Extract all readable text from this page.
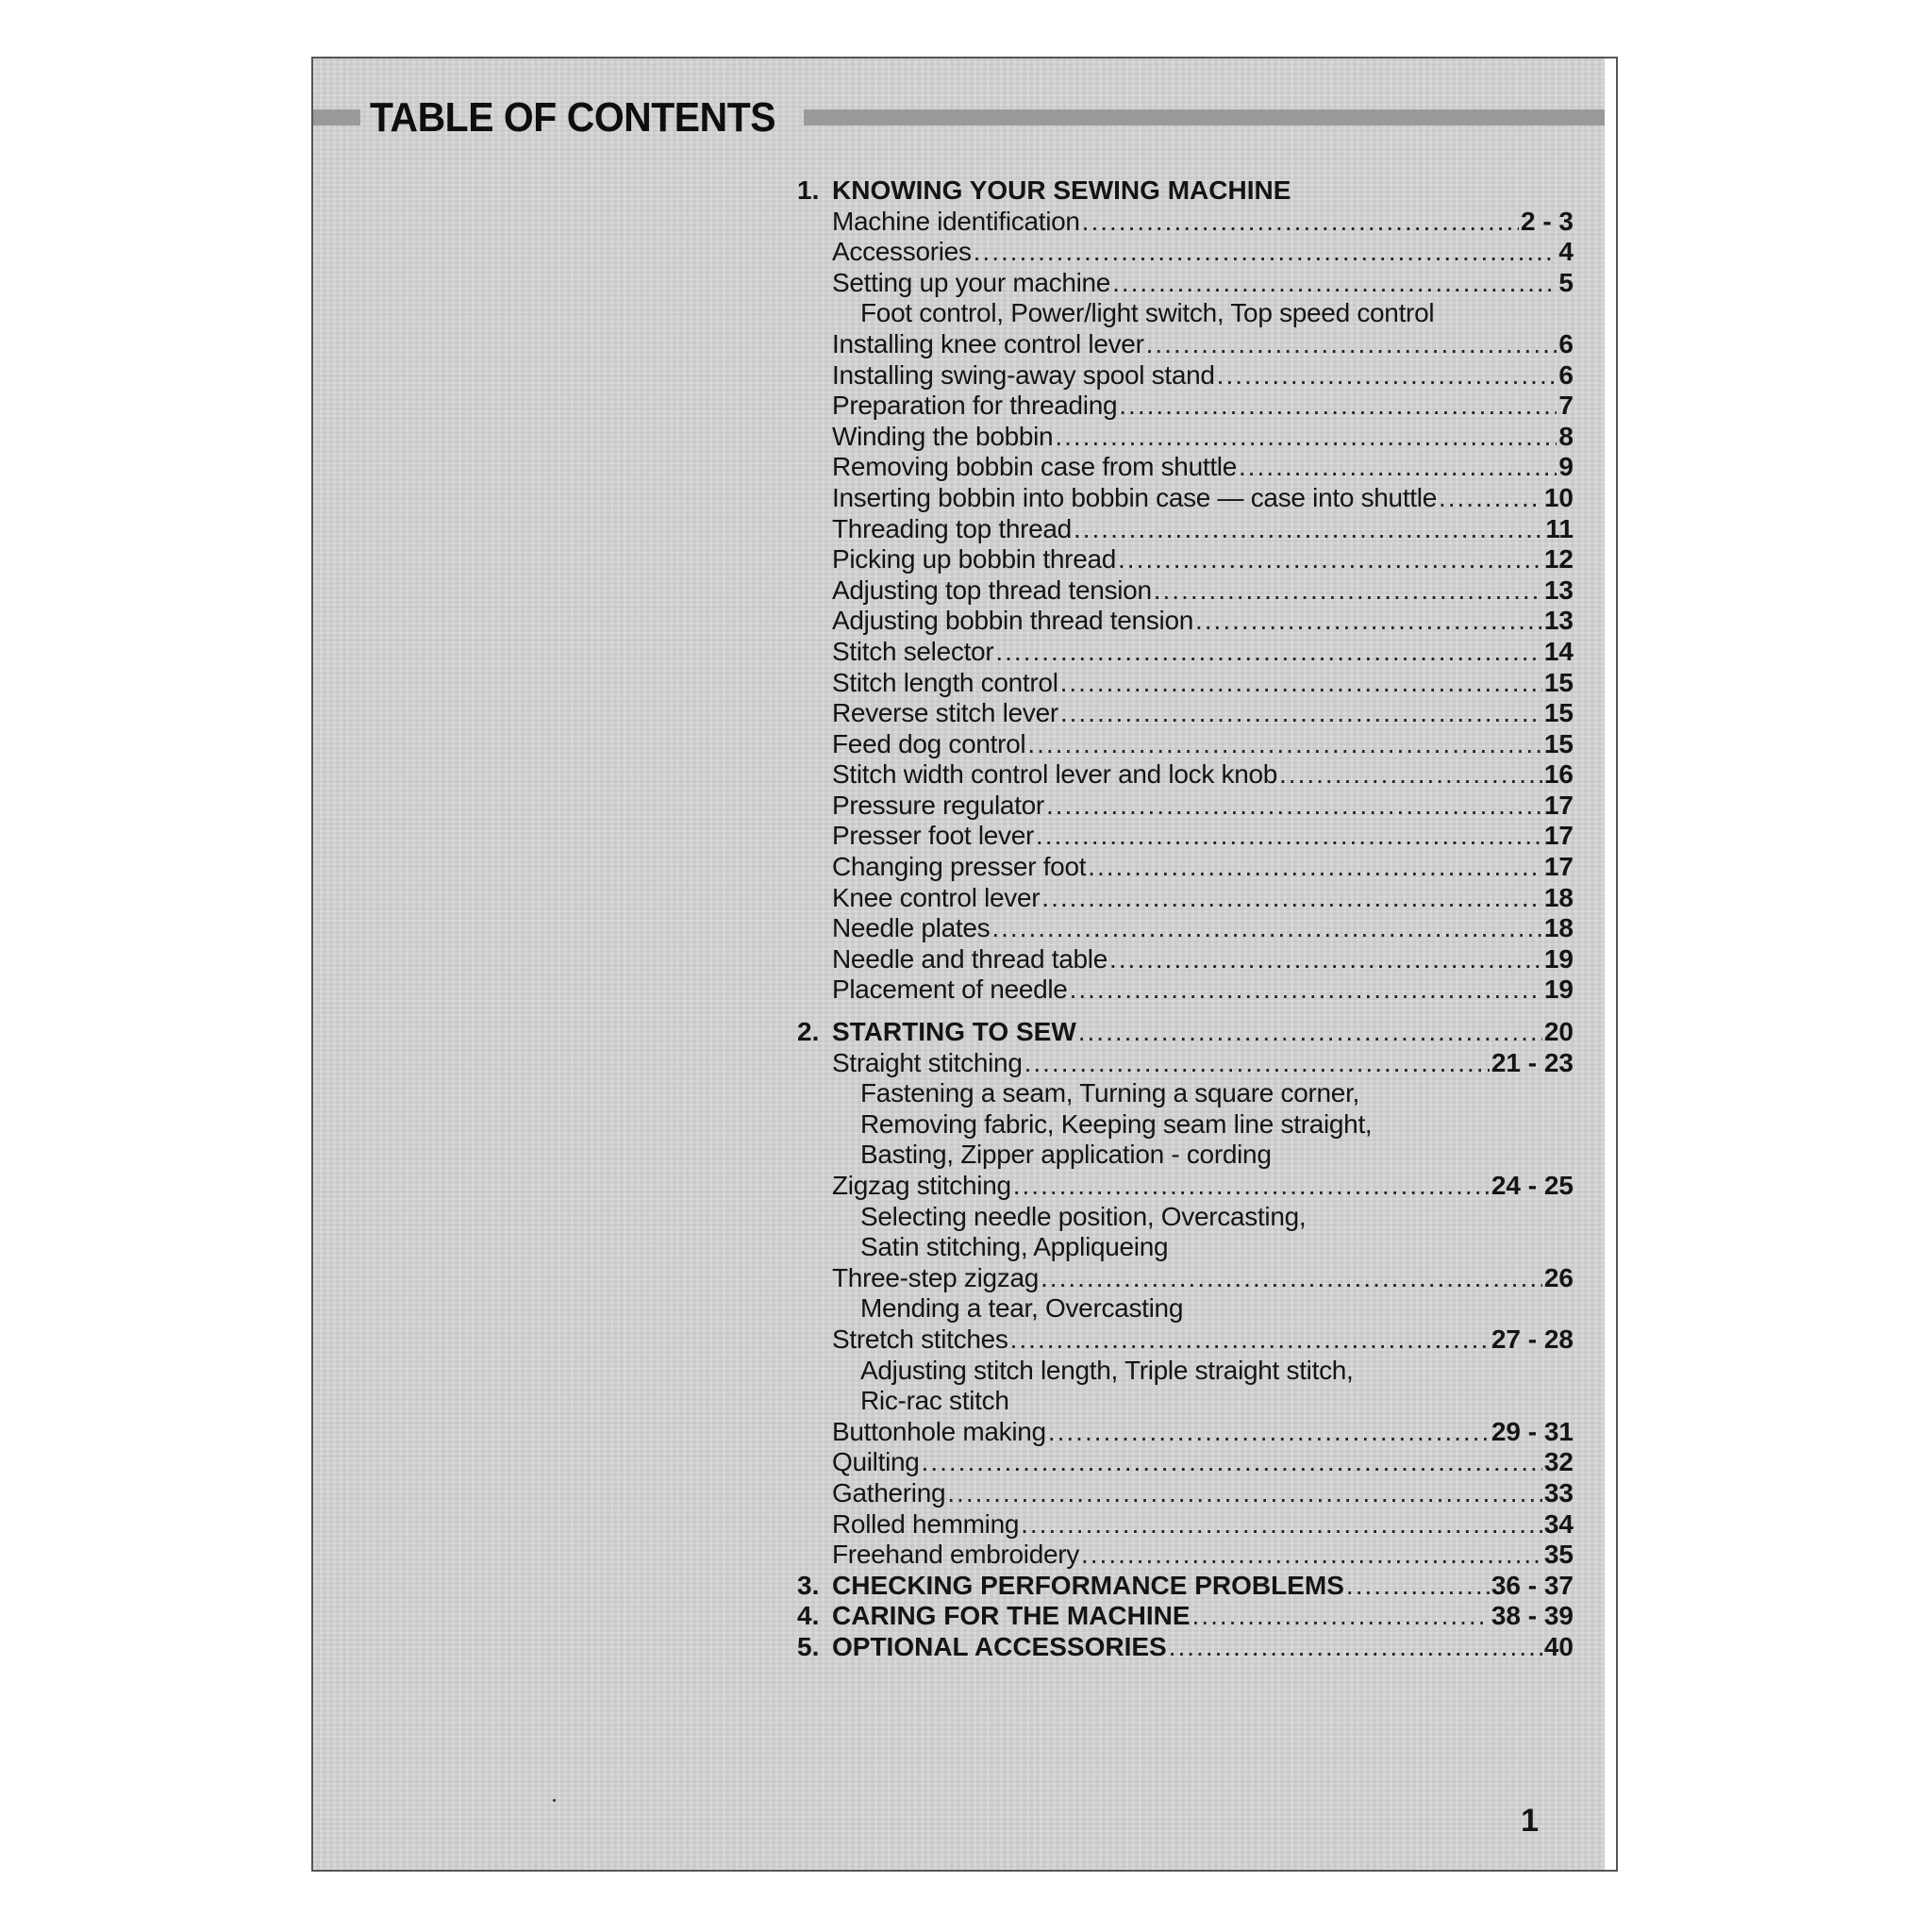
TABLE OF CONTENTS
1. KNOWING YOUR SEWING MACHINE
Machine identification .....	2 - 3
Accessories .....	4
Setting up your machine .....	5
Foot control, Power/light switch, Top speed control
Installing knee control lever .....	6
Installing swing-away spool stand .....	6
Preparation for threading .....	7
Winding the bobbin .....	8
Removing bobbin case from shuttle .....	9
Inserting bobbin into bobbin case — case into shuttle .....	10
Threading top thread .....	11
Picking up bobbin thread .....	12
Adjusting top thread tension .....	13
Adjusting bobbin thread tension .....	13
Stitch selector .....	14
Stitch length control .....	15
Reverse stitch lever .....	15
Feed dog control .....	15
Stitch width control lever and lock knob .....	16
Pressure regulator .....	17
Presser foot lever .....	17
Changing presser foot .....	17
Knee control lever .....	18
Needle plates .....	18
Needle and thread table .....	19
Placement of needle .....	19
2. STARTING TO SEW .....	20
Straight stitching .....	21 - 23
Fastening a seam, Turning a square corner,
Removing fabric, Keeping seam line straight,
Basting, Zipper application - cording
Zigzag stitching .....	24 - 25
Selecting needle position, Overcasting,
Satin stitching, Appliqueing
Three-step zigzag .....	26
Mending a tear, Overcasting
Stretch stitches .....	27 - 28
Adjusting stitch length, Triple straight stitch,
Ric-rac stitch
Buttonhole making .....	29 - 31
Quilting .....	32
Gathering .....	33
Rolled hemming .....	34
Freehand embroidery .....	35
3. CHECKING PERFORMANCE PROBLEMS .....	36 - 37
4. CARING FOR THE MACHINE .....	38 - 39
5. OPTIONAL ACCESSORIES .....	40
1
